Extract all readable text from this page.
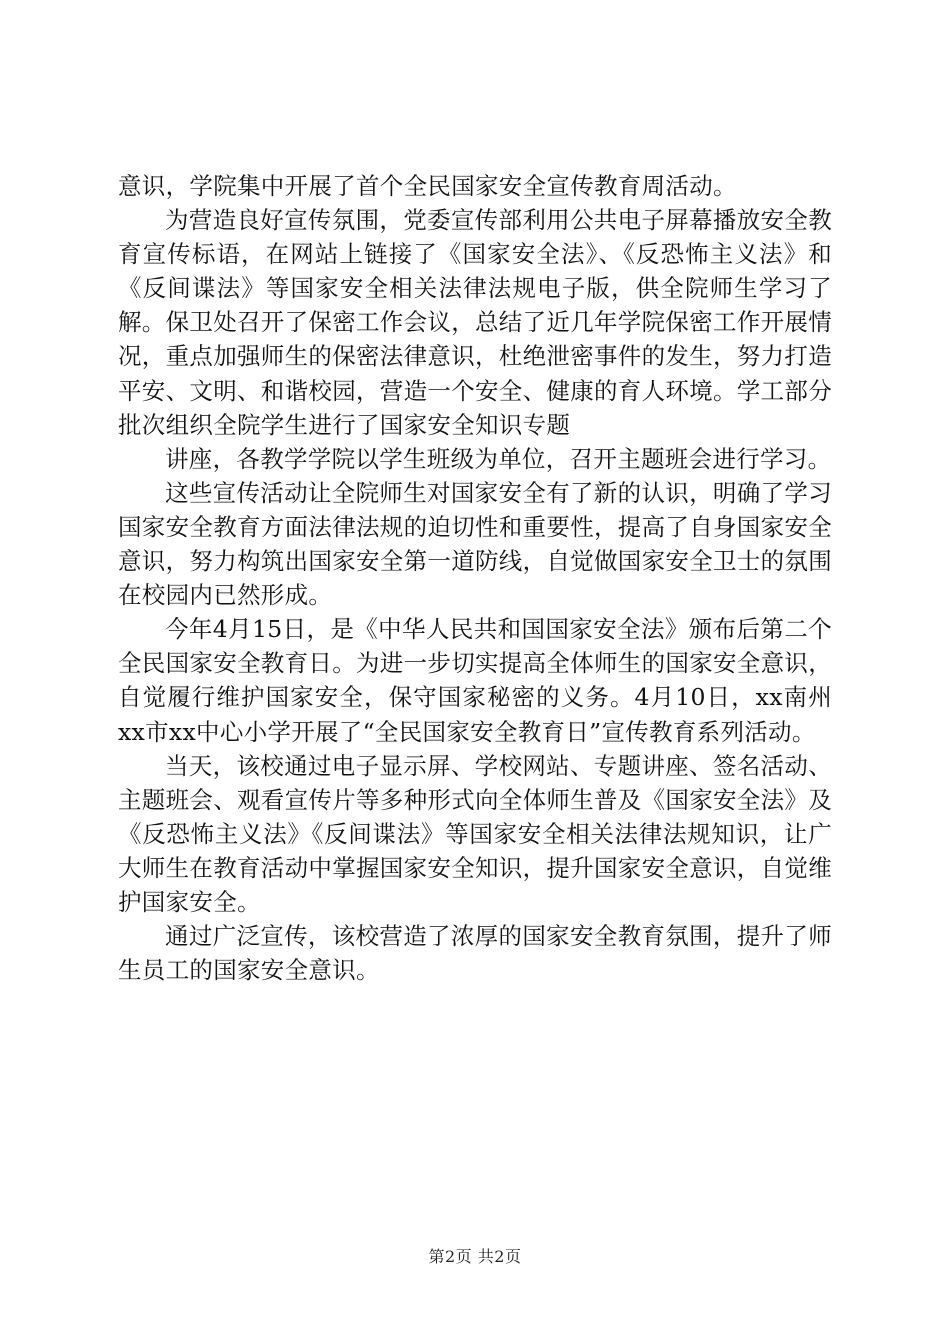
意识，学院集中开展了首个全民国家安全宣传教育周活动。

为营造良好宣传氛围，党委宣传部利用公共电子屏幕播放安全教育宣传标语，在网站上链接了《国家安全法》、《反恐怖主义法》和《反间谍法》等国家安全相关法律法规电子版，供全院师生学习了解。保卫处召开了保密工作会议，总结了近几年学院保密工作开展情况，重点加强师生的保密法律意识，杜绝泄密事件的发生，努力打造平安、文明、和谐校园，营造一个安全、健康的育人环境。学工部分批次组织全院学生进行了国家安全知识专题

讲座，各教学学院以学生班级为单位，召开主题班会进行学习。

这些宣传活动让全院师生对国家安全有了新的认识，明确了学习国家安全教育方面法律法规的迫切性和重要性，提高了自身国家安全意识，努力构筑出国家安全第一道防线，自觉做国家安全卫士的氛围在校园内已然形成。

今年4月15日，是《中华人民共和国国家安全法》颁布后第二个全民国家安全教育日。为进一步切实提高全体师生的国家安全意识，自觉履行维护国家安全，保守国家秘密的义务。4月10日，xx南州xx市xx中心小学开展了“全民国家安全教育日”宣传教育系列活动。

当天，该校通过电子显示屏、学校网站、专题讲座、签名活动、主题班会、观看宣传片等多种形式向全体师生普及《国家安全法》及《反恐怖主义法》《反间谍法》等国家安全相关法律法规知识，让广大师生在教育活动中掌握国家安全知识，提升国家安全意识，自觉维护国家安全。

通过广泛宣传，该校营造了浓厚的国家安全教育氛围，提升了师生员工的国家安全意识。

第2页 共2页
